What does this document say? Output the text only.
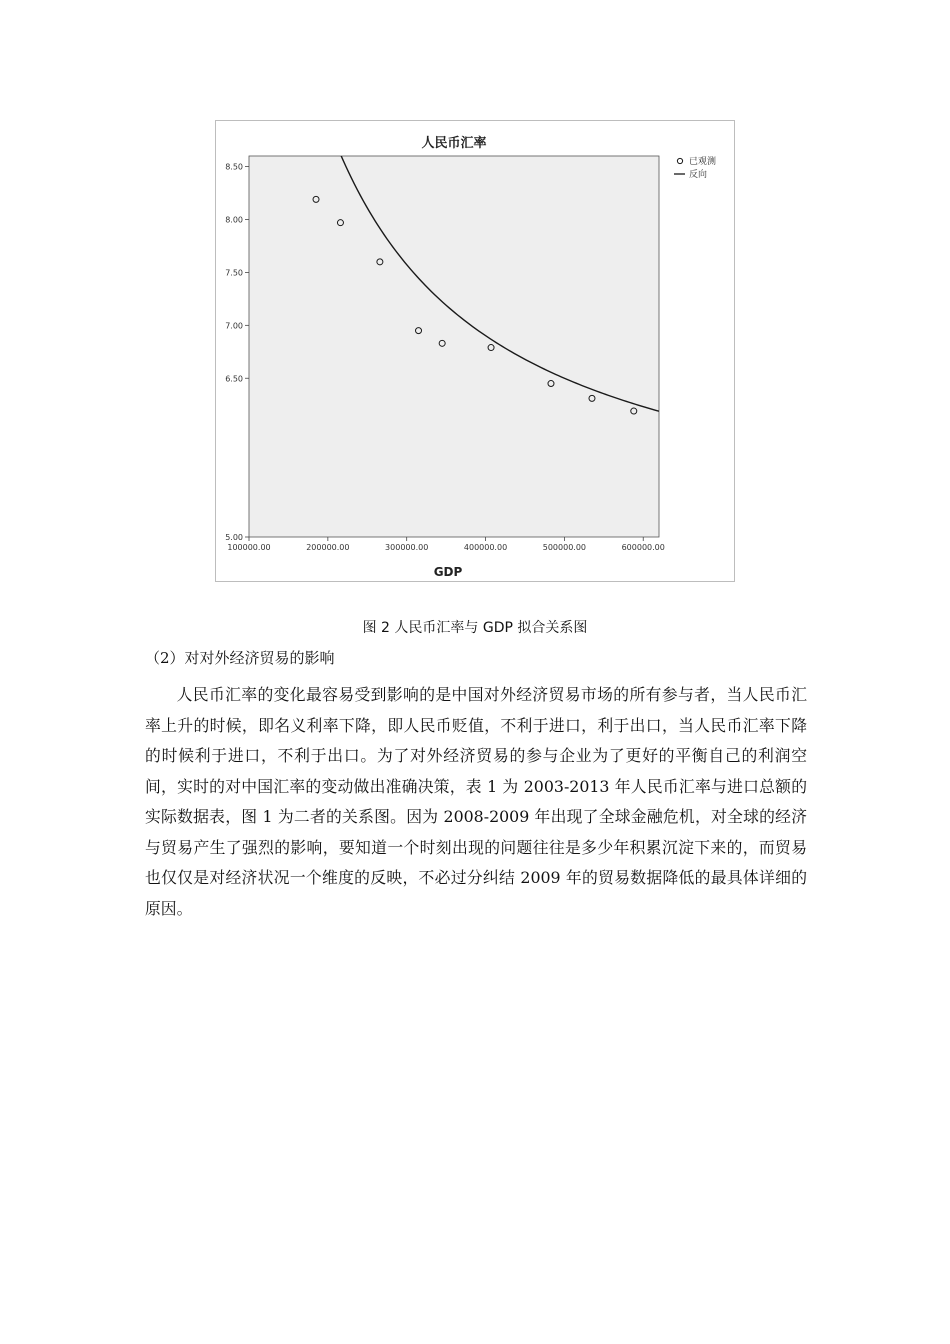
人民币汇率
5.00
6.50
7.00
7.50
8.00
8.50
100000.00	200000.00	300000.00	400000.00	500000.00	600000.00
GDP
已观测
反向
图 2 人民币汇率与 GDP 拟合关系图
（2）对对外经济贸易的影响

人民币汇率的变化最容易受到影响的是中国对外经济贸易市场的所有参与者，当人民币汇率上升的时候，即名义利率下降，即人民币贬值，不利于进口，利于出口，当人民币汇率下降的时候利于进口，不利于出口。为了对外经济贸易的参与企业为了更好的平衡自己的利润空间，实时的对中国汇率的变动做出准确决策，表 1 为 2003-2013 年人民币汇率与进口总额的实际数据表，图 1 为二者的关系图。因为 2008-2009 年出现了全球金融危机，对全球的经济与贸易产生了强烈的影响，要知道一个时刻出现的问题往往是多少年积累沉淀下来的，而贸易也仅仅是对经济状况一个维度的反映，不必过分纠结 2009 年的贸易数据降低的最具体详细的原因。
